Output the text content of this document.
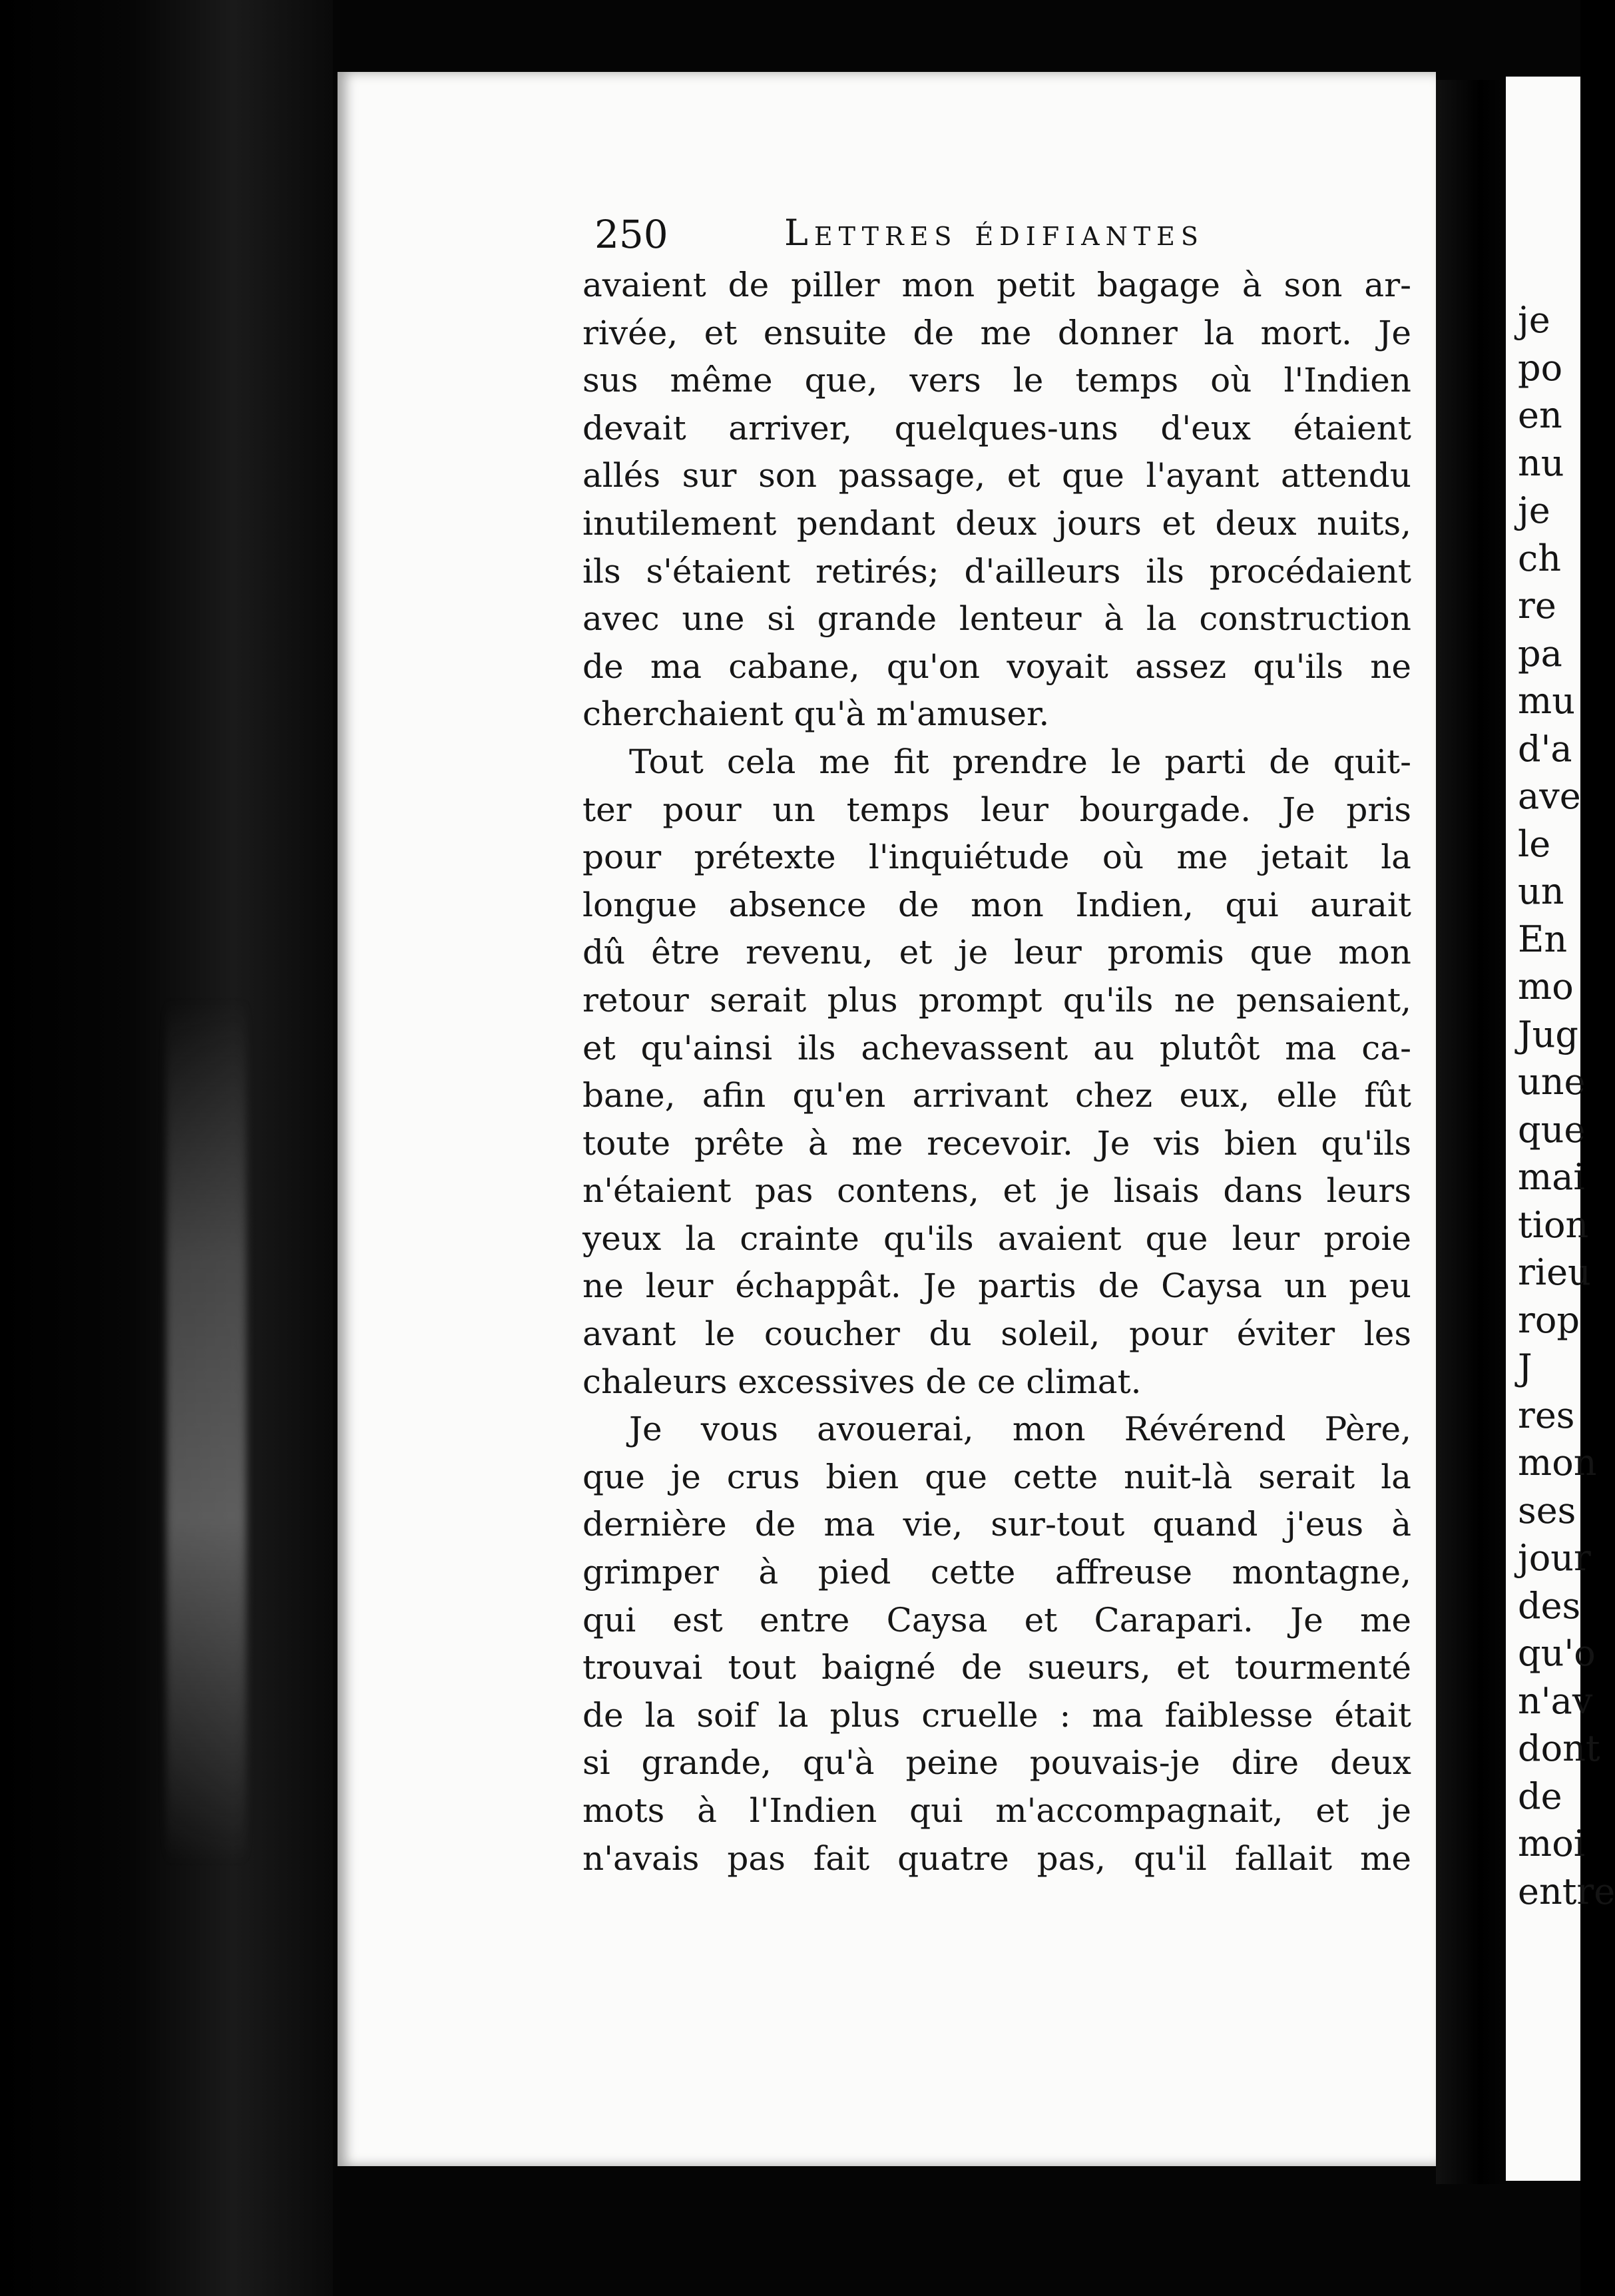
250	Lettres édifiantes
avaient de piller mon petit bagage à son ar-
rivée, et ensuite de me donner la mort. Je
sus même que, vers le temps où l'Indien
devait arriver, quelques-uns d'eux étaient
allés sur son passage, et que l'ayant attendu
inutilement pendant deux jours et deux nuits,
ils s'étaient retirés; d'ailleurs ils procédaient
avec une si grande lenteur à la construction
de ma cabane, qu'on voyait assez qu'ils ne
cherchaient qu'à m'amuser.
Tout cela me fit prendre le parti de quit-
ter pour un temps leur bourgade. Je pris
pour prétexte l'inquiétude où me jetait la
longue absence de mon Indien, qui aurait
dû être revenu, et je leur promis que mon
retour serait plus prompt qu'ils ne pensaient,
et qu'ainsi ils achevassent au plutôt ma ca-
bane, afin qu'en arrivant chez eux, elle fût
toute prête à me recevoir. Je vis bien qu'ils
n'étaient pas contens, et je lisais dans leurs
yeux la crainte qu'ils avaient que leur proie
ne leur échappât. Je partis de Caysa un peu
avant le coucher du soleil, pour éviter les
chaleurs excessives de ce climat.
Je vous avouerai, mon Révérend Père,
que je crus bien que cette nuit-là serait la
dernière de ma vie, sur-tout quand j'eus à
grimper à pied cette affreuse montagne,
qui est entre Caysa et Carapari. Je me
trouvai tout baigné de sueurs, et tourmenté
de la soif la plus cruelle : ma faiblesse était
si grande, qu'à peine pouvais-je dire deux
mots à l'Indien qui m'accompagnait, et je
n'avais pas fait quatre pas, qu'il fallait me
je
po
en
nu
je
ch
re
pa
mu
d'a
ave
le
un
En
mo
Jug
une
que
mai
tion
rieu
rop
J
res
mon
ses
jour
des
qu'o
n'av
dont
de
moi
entre
